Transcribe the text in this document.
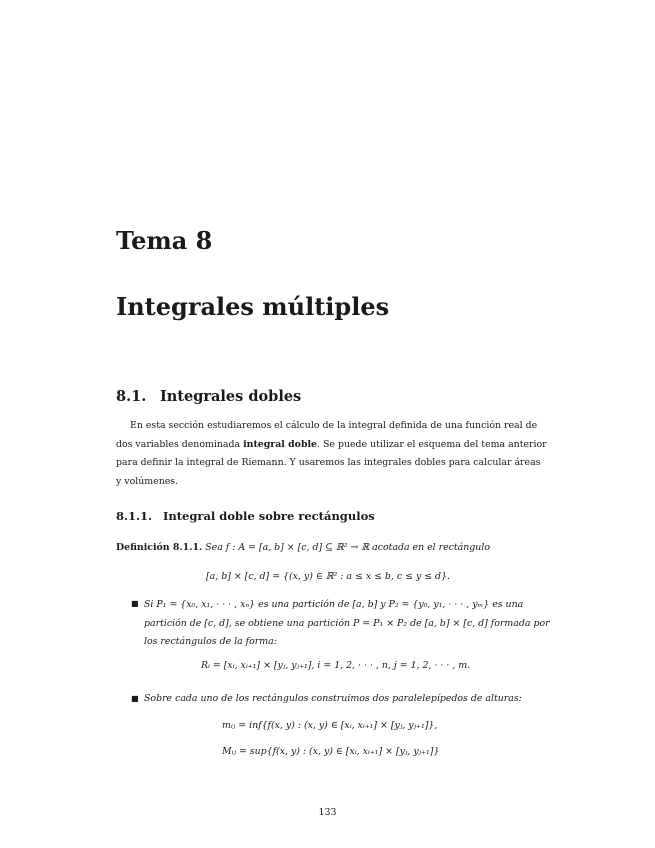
Tema 8
Integrales múltiples
8.1. Integrales dobles
En esta sección estudiaremos el cálculo de la integral definida de una función real de
dos variables denominada integral doble. Se puede utilizar el esquema del tema anterior
para definir la integral de Riemann. Y usaremos las integrales dobles para calcular áreas
y volúmenes.
8.1.1. Integral doble sobre rectángulos
Definición 8.1.1. Sea f : A = [a, b] × [c, d] ⊆ ℝ² → ℝ acotada en el rectángulo
[a, b] × [c, d] = {(x, y) ∈ ℝ² : a ≤ x ≤ b, c ≤ y ≤ d}.
■ Si P₁ = {x₀, x₁, · · · , xₙ} es una partición de [a, b] y P₂ = {y₀, y₁, · · · , yₘ} es una
partición de [c, d], se obtiene una partición P = P₁ × P₂ de [a, b] × [c, d] formada por
los rectángulos de la forma:
Rᵢ = [xᵢ, xᵢ₊₁] × [yⱼ, yⱼ₊₁], i = 1, 2, · · · , n, j = 1, 2, · · · , m.
■ Sobre cada uno de los rectángulos construimos dos paralelepípedos de alturas:
mᵢⱼ = inf{f(x, y) : (x, y) ∈ [xᵢ, xᵢ₊₁] × [yⱼ, yⱼ₊₁]},
Mᵢⱼ = sup{f(x, y) : (x, y) ∈ [xᵢ, xᵢ₊₁] × [yⱼ, yⱼ₊₁]}
133
